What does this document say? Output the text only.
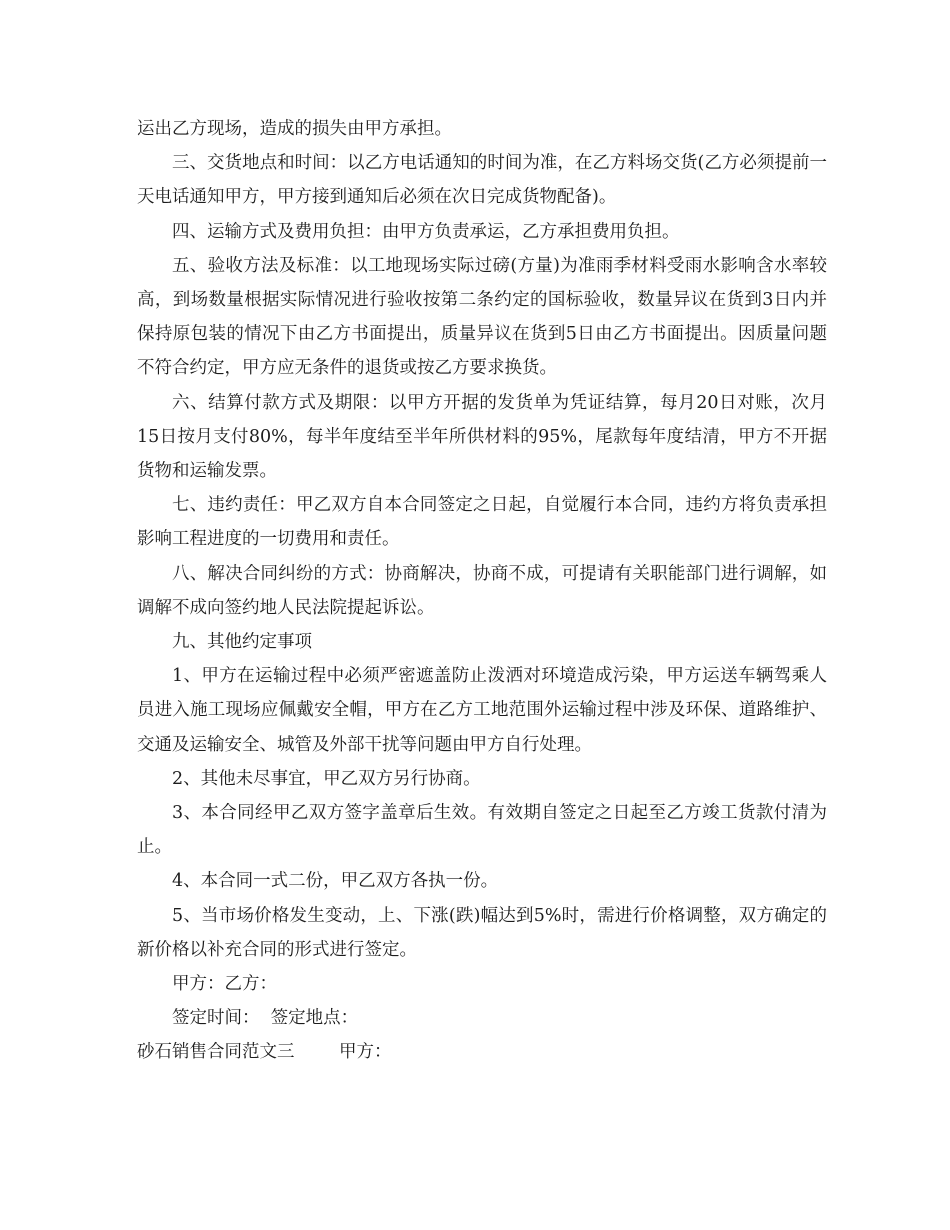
运出乙方现场，造成的损失由甲方承担。

三、交货地点和时间：以乙方电话通知的时间为准，在乙方料场交货(乙方必须提前一天电话通知甲方，甲方接到通知后必须在次日完成货物配备)。

四、运输方式及费用负担：由甲方负责承运，乙方承担费用负担。

五、验收方法及标准：以工地现场实际过磅(方量)为准雨季材料受雨水影响含水率较高，到场数量根据实际情况进行验收按第二条约定的国标验收，数量异议在货到3日内并保持原包装的情况下由乙方书面提出，质量异议在货到5日由乙方书面提出。因质量问题不符合约定，甲方应无条件的退货或按乙方要求换货。

六、结算付款方式及期限：以甲方开据的发货单为凭证结算，每月20日对账，次月15日按月支付80%，每半年度结至半年所供材料的95%，尾款每年度结清，甲方不开据货物和运输发票。

七、违约责任：甲乙双方自本合同签定之日起，自觉履行本合同，违约方将负责承担影响工程进度的一切费用和责任。

八、解决合同纠纷的方式：协商解决，协商不成，可提请有关职能部门进行调解，如调解不成向签约地人民法院提起诉讼。

九、其他约定事项

1、甲方在运输过程中必须严密遮盖防止泼洒对环境造成污染，甲方运送车辆驾乘人员进入施工现场应佩戴安全帽，甲方在乙方工地范围外运输过程中涉及环保、道路维护、交通及运输安全、城管及外部干扰等问题由甲方自行处理。

2、其他未尽事宜，甲乙双方另行协商。

3、本合同经甲乙双方签字盖章后生效。有效期自签定之日起至乙方竣工货款付清为止。

4、本合同一式二份，甲乙双方各执一份。

5、当市场价格发生变动，上、下涨(跌)幅达到5%时，需进行价格调整，双方确定的新价格以补充合同的形式进行签定。

甲方：乙方：

签定时间：  签定地点：

砂石销售合同范文三        甲方：
